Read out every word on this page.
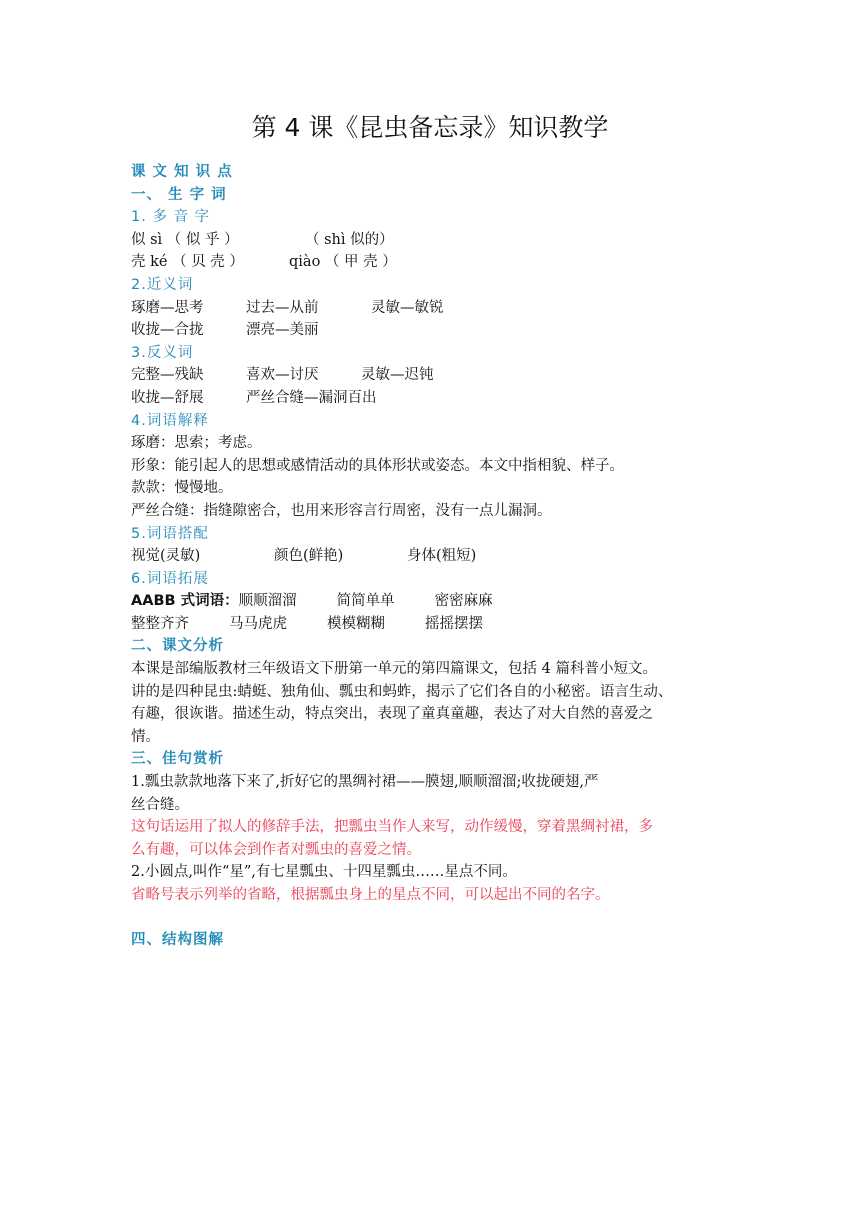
第 4 课《昆虫备忘录》知识教学
课 文 知 识 点
一、 生 字 词
1. 多 音 字
似 sì （ 似 乎 ）	（ shì 似的）
壳 ké （ 贝 壳 ）	qiào （ 甲 壳 ）
2.近义词
琢磨—思考	过去—从前	灵敏—敏锐
收拢—合拢	漂亮—美丽
3.反义词
完整—残缺	喜欢—讨厌	灵敏—迟钝
收拢—舒展	严丝合缝—漏洞百出
4.词语解释
琢磨：思索；考虑。
形象：能引起人的思想或感情活动的具体形状或姿态。本文中指相貌、样子。
款款：慢慢地。
严丝合缝：指缝隙密合，也用来形容言行周密，没有一点儿漏洞。
5.词语搭配
视觉(灵敏)	颜色(鲜艳)	身体(粗短)
6.词语拓展
AABB 式词语：顺顺溜溜	简简单单	密密麻麻
整整齐齐	马马虎虎	模模糊糊	摇摇摆摆
二、课文分析
本课是部编版教材三年级语文下册第一单元的第四篇课文，包括 4 篇科普小短文。
讲的是四种昆虫:蜻蜓、独角仙、瓢虫和蚂蚱，揭示了它们各自的小秘密。语言生动、
有趣，很诙谐。描述生动，特点突出，表现了童真童趣，表达了对大自然的喜爱之
情。
三、佳句赏析
1.瓢虫款款地落下来了,折好它的黑绸衬裙——膜翅,顺顺溜溜;收拢硬翅,严
丝合缝。
这句话运用了拟人的修辞手法，把瓢虫当作人来写，动作缓慢，穿着黑绸衬裙，多
么有趣，可以体会到作者对瓢虫的喜爱之情。
2.小圆点,叫作“星”,有七星瓢虫、十四星瓢虫……星点不同。
省略号表示列举的省略，根据瓢虫身上的星点不同，可以起出不同的名字。
四、结构图解
